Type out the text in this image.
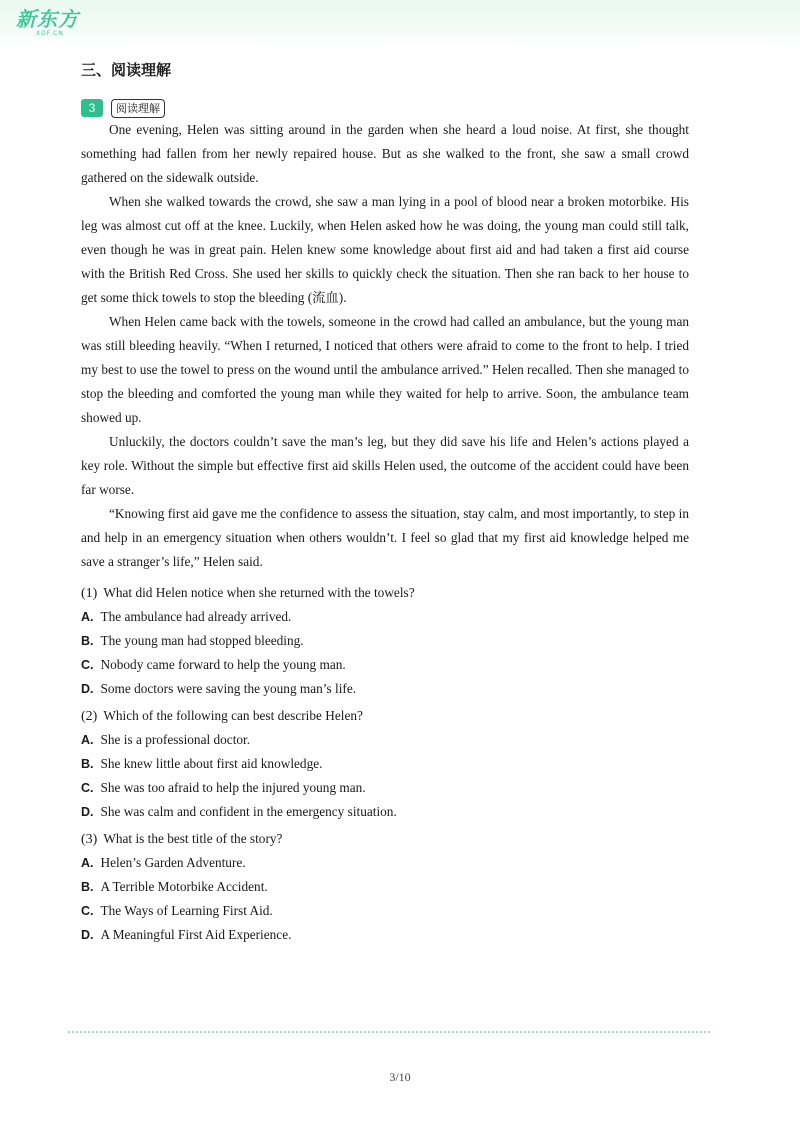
新东方
XDF.CN
三、阅读理解
3	阅读理解

One evening, Helen was sitting around in the garden when she heard a loud noise. At first, she thought something had fallen from her newly repaired house. But as she walked to the front, she saw a small crowd gathered on the sidewalk outside.

When she walked towards the crowd, she saw a man lying in a pool of blood near a broken motorbike. His leg was almost cut off at the knee. Luckily, when Helen asked how he was doing, the young man could still talk, even though he was in great pain. Helen knew some knowledge about first aid and had taken a first aid course with the British Red Cross. She used her skills to quickly check the situation. Then she ran back to her house to get some thick towels to stop the bleeding (流血).

When Helen came back with the towels, someone in the crowd had called an ambulance, but the young man was still bleeding heavily. “When I returned, I noticed that others were afraid to come to the front to help. I tried my best to use the towel to press on the wound until the ambulance arrived.” Helen recalled. Then she managed to stop the bleeding and comforted the young man while they waited for help to arrive. Soon, the ambulance team showed up.

Unluckily, the doctors couldn’t save the man’s leg, but they did save his life and Helen’s actions played a key role. Without the simple but effective first aid skills Helen used, the outcome of the accident could have been far worse.

“Knowing first aid gave me the confidence to assess the situation, stay calm, and most importantly, to step in and help in an emergency situation when others wouldn’t. I feel so glad that my first aid knowledge helped me save a stranger’s life,” Helen said.

(1) What did Helen notice when she returned with the towels?
A. The ambulance had already arrived.
B. The young man had stopped bleeding.
C. Nobody came forward to help the young man.
D. Some doctors were saving the young man’s life.
(2) Which of the following can best describe Helen?
A. She is a professional doctor.
B. She knew little about first aid knowledge.
C. She was too afraid to help the injured young man.
D. She was calm and confident in the emergency situation.
(3) What is the best title of the story?
A. Helen’s Garden Adventure.
B. A Terrible Motorbike Accident.
C. The Ways of Learning First Aid.
D. A Meaningful First Aid Experience.
3/10
